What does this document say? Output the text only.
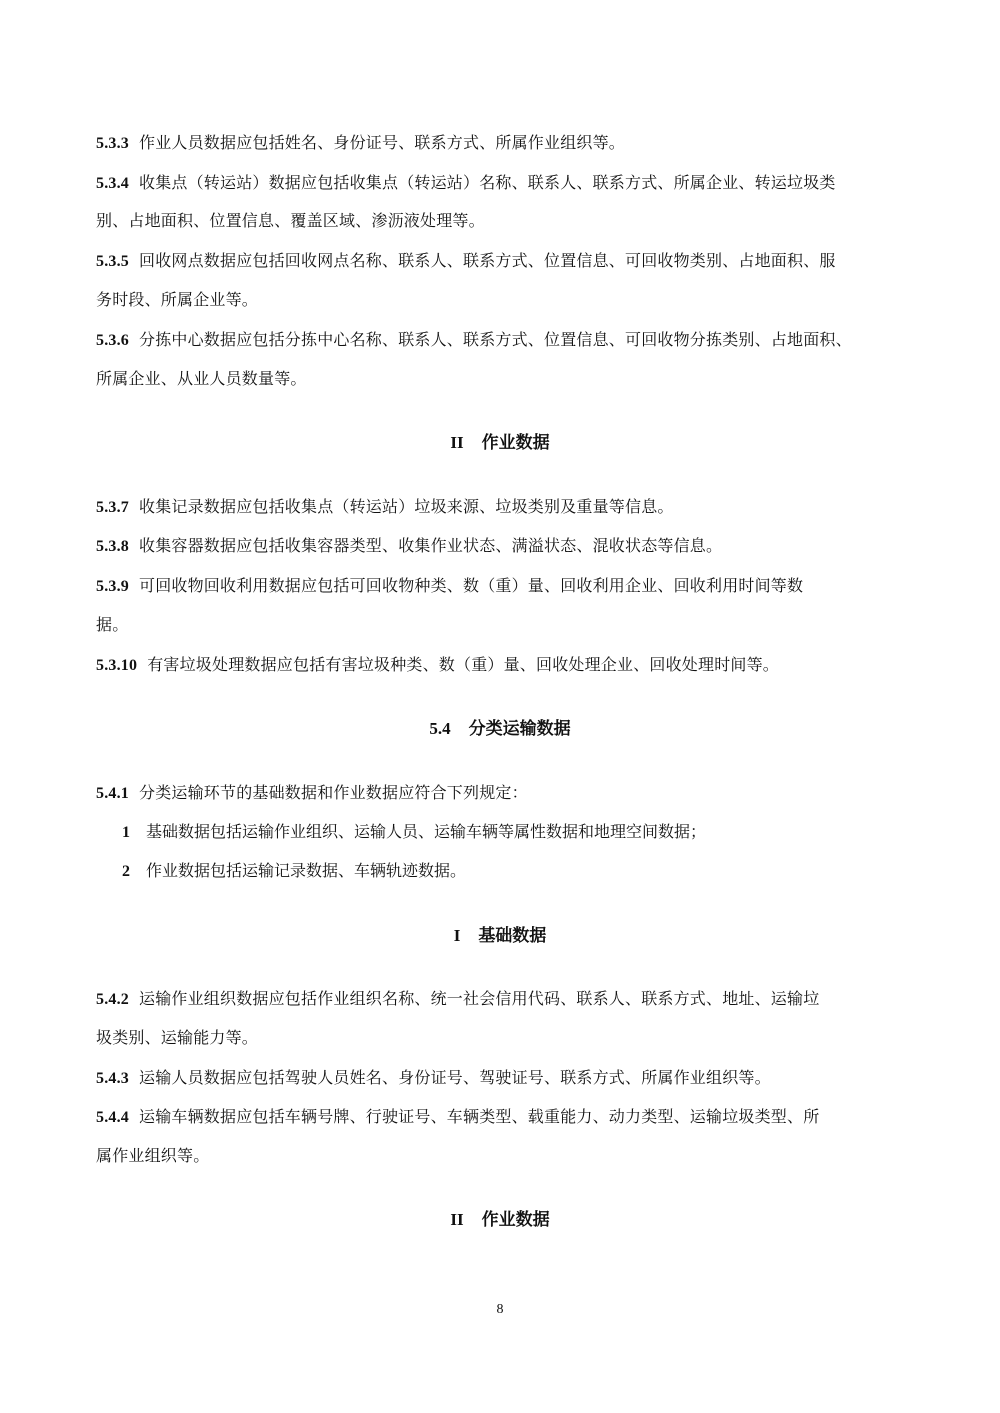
5.3.3 作业人员数据应包括姓名、身份证号、联系方式、所属作业组织等。
5.3.4 收集点（转运站）数据应包括收集点（转运站）名称、联系人、联系方式、所属企业、转运垃圾类
别、占地面积、位置信息、覆盖区域、渗沥液处理等。
5.3.5 回收网点数据应包括回收网点名称、联系人、联系方式、位置信息、可回收物类别、占地面积、服
务时段、所属企业等。
5.3.6 分拣中心数据应包括分拣中心名称、联系人、联系方式、位置信息、可回收物分拣类别、占地面积、
所属企业、从业人员数量等。
II 作业数据
5.3.7 收集记录数据应包括收集点（转运站）垃圾来源、垃圾类别及重量等信息。
5.3.8 收集容器数据应包括收集容器类型、收集作业状态、满溢状态、混收状态等信息。
5.3.9 可回收物回收利用数据应包括可回收物种类、数（重）量、回收利用企业、回收利用时间等数
据。
5.3.10 有害垃圾处理数据应包括有害垃圾种类、数（重）量、回收处理企业、回收处理时间等。
5.4 分类运输数据
5.4.1 分类运输环节的基础数据和作业数据应符合下列规定：
1 基础数据包括运输作业组织、运输人员、运输车辆等属性数据和地理空间数据；
2 作业数据包括运输记录数据、车辆轨迹数据。
I 基础数据
5.4.2 运输作业组织数据应包括作业组织名称、统一社会信用代码、联系人、联系方式、地址、运输垃
圾类别、运输能力等。
5.4.3 运输人员数据应包括驾驶人员姓名、身份证号、驾驶证号、联系方式、所属作业组织等。
5.4.4 运输车辆数据应包括车辆号牌、行驶证号、车辆类型、载重能力、动力类型、运输垃圾类型、所
属作业组织等。
II 作业数据
8
